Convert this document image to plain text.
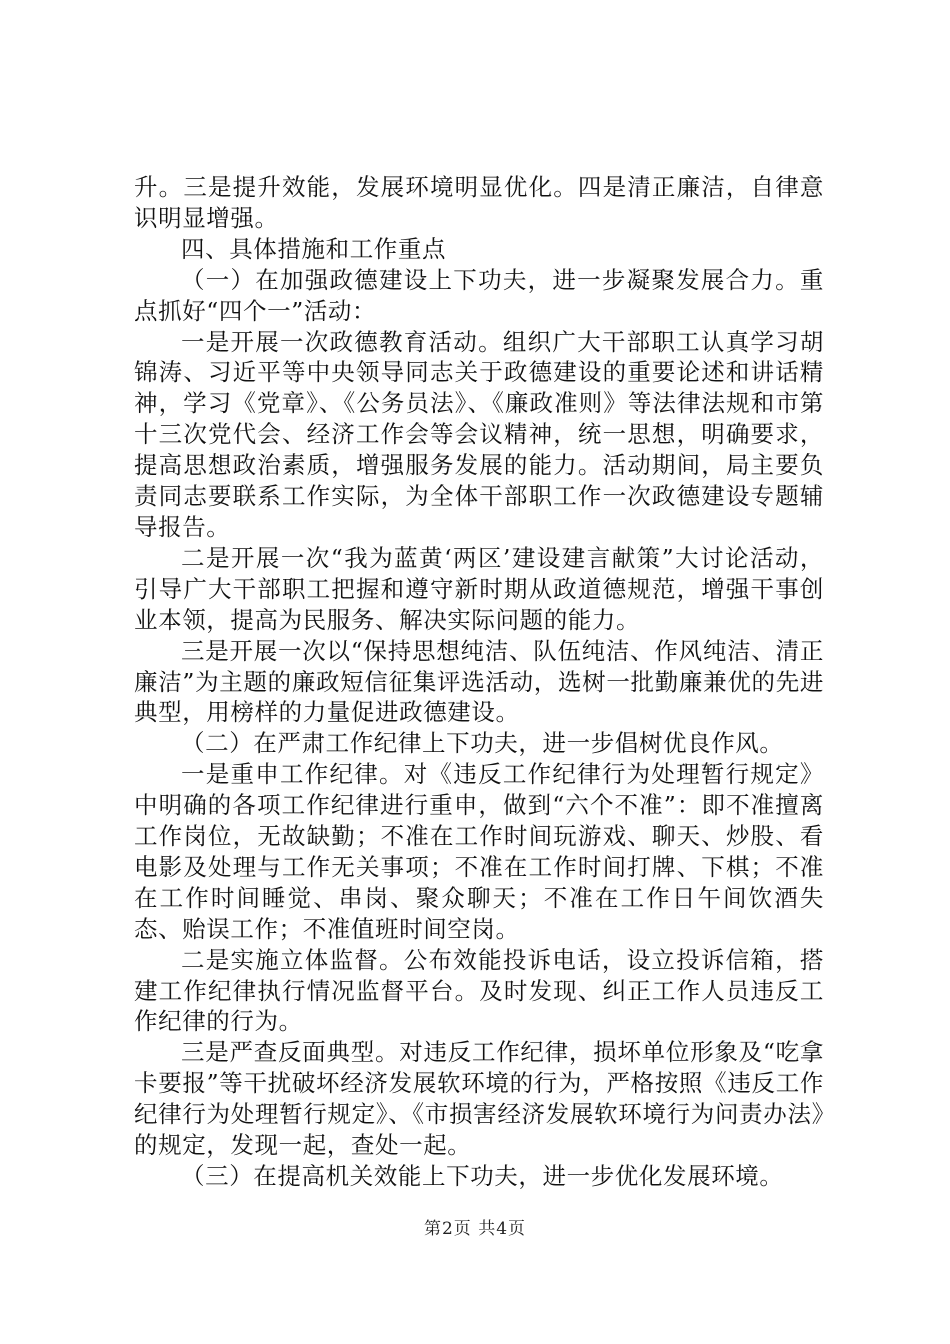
升。三是提升效能，发展环境明显优化。四是清正廉洁，自律意识明显增强。

四、具体措施和工作重点

（一）在加强政德建设上下功夫，进一步凝聚发展合力。重点抓好“四个一”活动：

一是开展一次政德教育活动。组织广大干部职工认真学习胡锦涛、习近平等中央领导同志关于政德建设的重要论述和讲话精神，学习《党章》、《公务员法》、《廉政准则》等法律法规和市第十三次党代会、经济工作会等会议精神，统一思想，明确要求，提高思想政治素质，增强服务发展的能力。活动期间，局主要负责同志要联系工作实际，为全体干部职工作一次政德建设专题辅导报告。

二是开展一次“我为蓝黄‘两区’建设建言献策”大讨论活动，引导广大干部职工把握和遵守新时期从政道德规范，增强干事创业本领，提高为民服务、解决实际问题的能力。

三是开展一次以“保持思想纯洁、队伍纯洁、作风纯洁、清正廉洁”为主题的廉政短信征集评选活动，选树一批勤廉兼优的先进典型，用榜样的力量促进政德建设。

（二）在严肃工作纪律上下功夫，进一步倡树优良作风。

一是重申工作纪律。对《违反工作纪律行为处理暂行规定》中明确的各项工作纪律进行重申，做到“六个不准”：即不准擅离工作岗位，无故缺勤；不准在工作时间玩游戏、聊天、炒股、看电影及处理与工作无关事项；不准在工作时间打牌、下棋；不准在工作时间睡觉、串岗、聚众聊天；不准在工作日午间饮酒失态、贻误工作；不准值班时间空岗。

二是实施立体监督。公布效能投诉电话，设立投诉信箱，搭建工作纪律执行情况监督平台。及时发现、纠正工作人员违反工作纪律的行为。

三是严查反面典型。对违反工作纪律，损坏单位形象及“吃拿卡要报”等干扰破坏经济发展软环境的行为，严格按照《违反工作纪律行为处理暂行规定》、《市损害经济发展软环境行为问责办法》的规定，发现一起，查处一起。

（三）在提高机关效能上下功夫，进一步优化发展环境。

第2页 共4页
